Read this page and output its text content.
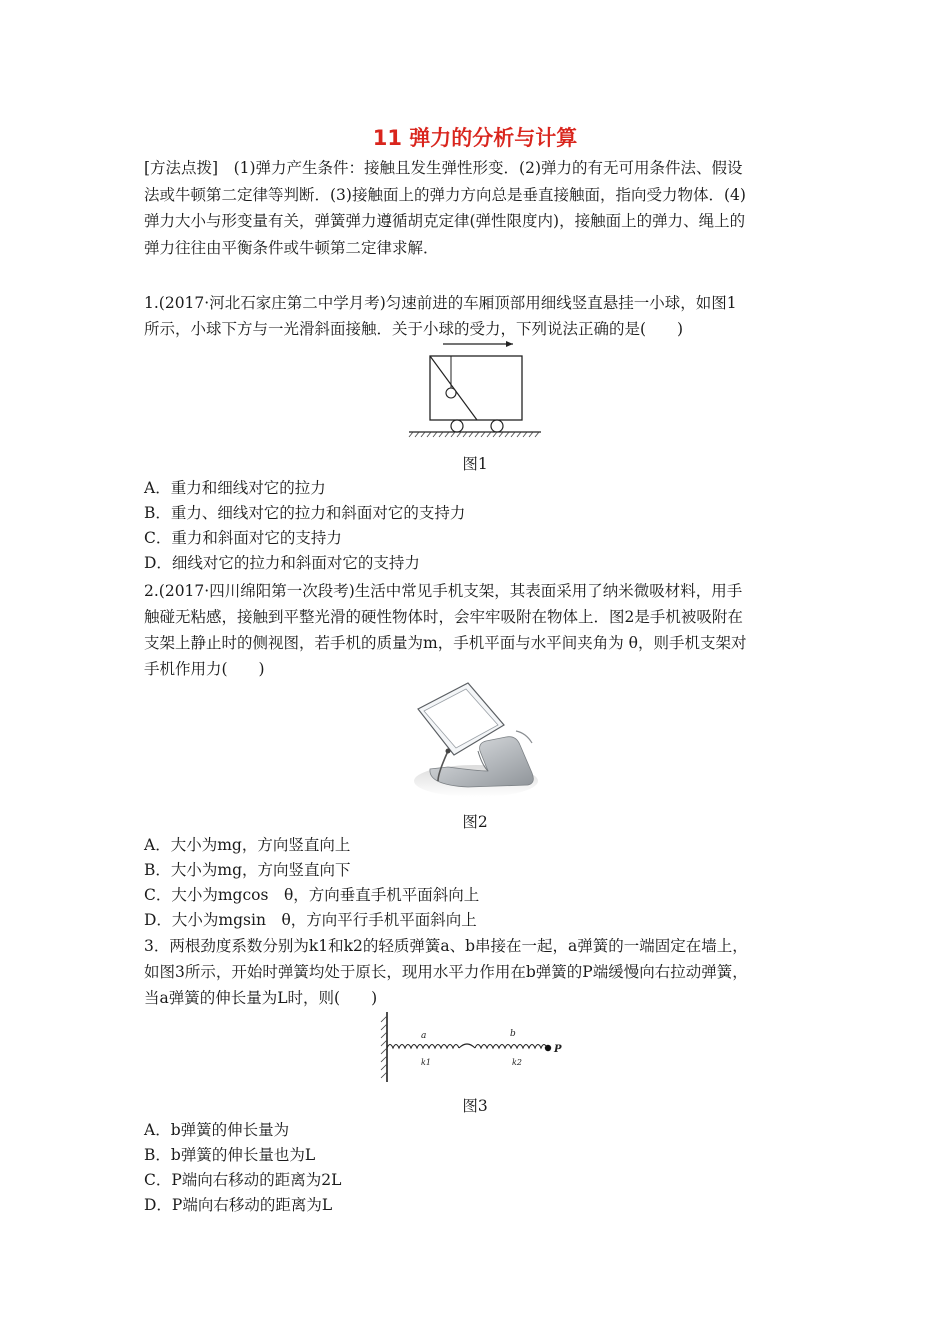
11 弹力的分析与计算
[方法点拨]　(1)弹力产生条件：接触且发生弹性形变．(2)弹力的有无可用条件法、假设
法或牛顿第二定律等判断．(3)接触面上的弹力方向总是垂直接触面，指向受力物体．(4)
弹力大小与形变量有关，弹簧弹力遵循胡克定律(弹性限度内)，接触面上的弹力、绳上的
弹力往往由平衡条件或牛顿第二定律求解．
1.(2017·河北石家庄第二中学月考)匀速前进的车厢顶部用细线竖直悬挂一小球，如图1
所示，小球下方与一光滑斜面接触．关于小球的受力，下列说法正确的是(　　)
图1
A．重力和细线对它的拉力
B．重力、细线对它的拉力和斜面对它的支持力
C．重力和斜面对它的支持力
D．细线对它的拉力和斜面对它的支持力
2.(2017·四川绵阳第一次段考)生活中常见手机支架，其表面采用了纳米微吸材料，用手
触碰无粘感，接触到平整光滑的硬性物体时，会牢牢吸附在物体上．图2是手机被吸附在
支架上静止时的侧视图，若手机的质量为m，手机平面与水平间夹角为 θ，则手机支架对
手机作用力(　　)
图2
A．大小为mg，方向竖直向上
B．大小为mg，方向竖直向下
C．大小为mgcos　θ，方向垂直手机平面斜向上
D．大小为mgsin　θ，方向平行手机平面斜向上
3．两根劲度系数分别为k1和k2的轻质弹簧a、b串接在一起，a弹簧的一端固定在墙上，
如图3所示，开始时弹簧均处于原长，现用水平力作用在b弹簧的P端缓慢向右拉动弹簧，
当a弹簧的伸长量为L时，则(　　)
a	b
k1	k2
P
图3
A．b弹簧的伸长量为
B．b弹簧的伸长量也为L
C．P端向右移动的距离为2L
D．P端向右移动的距离为L
